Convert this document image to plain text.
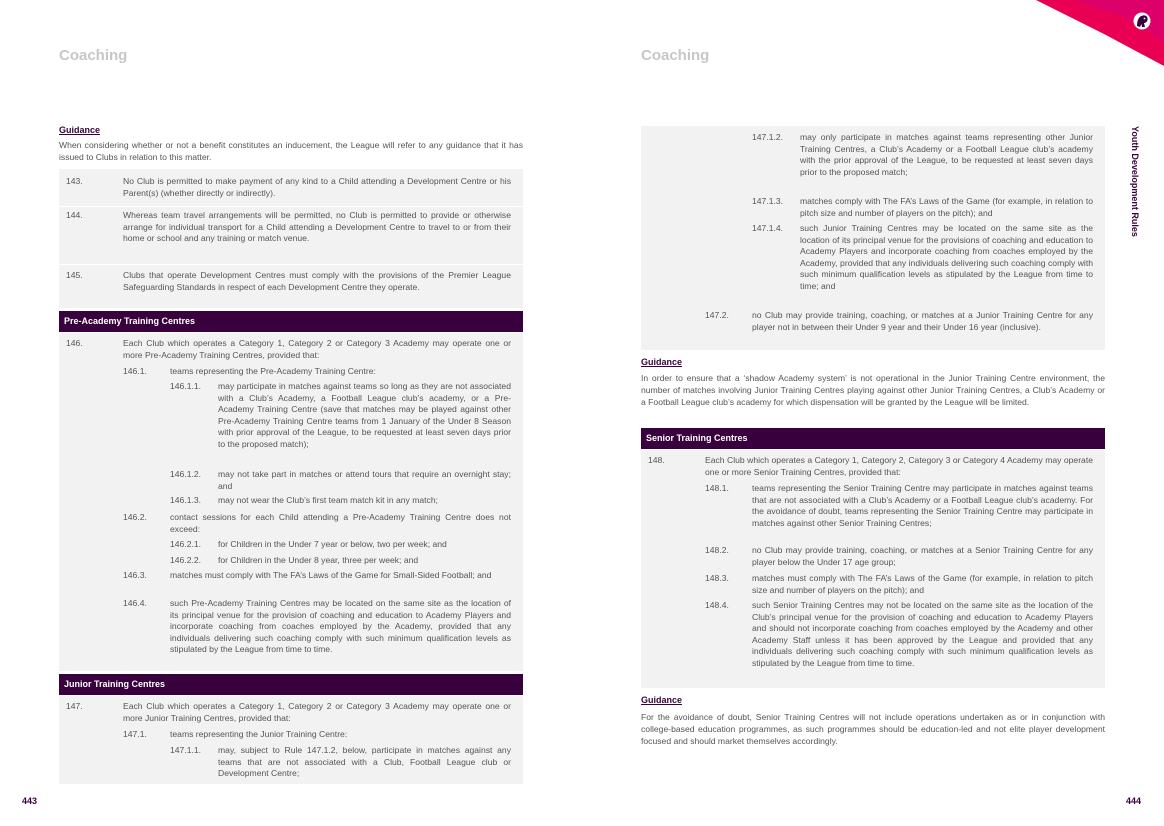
Coaching
Guidance
When considering whether or not a benefit constitutes an inducement, the League will refer to any guidance that it has issued to Clubs in relation to this matter.
143.	No Club is permitted to make payment of any kind to a Child attending a Development Centre or his Parent(s) (whether directly or indirectly).
144.	Whereas team travel arrangements will be permitted, no Club is permitted to provide or otherwise arrange for individual transport for a Child attending a Development Centre to travel to or from their home or school and any training or match venue.
145.	Clubs that operate Development Centres must comply with the provisions of the Premier League Safeguarding Standards in respect of each Development Centre they operate.
Pre-Academy Training Centres
146.	Each Club which operates a Category 1, Category 2 or Category 3 Academy may operate one or more Pre-Academy Training Centres, provided that:
146.1.	teams representing the Pre-Academy Training Centre:
146.1.1. may participate in matches against teams so long as they are not associated with a Club’s Academy, a Football League club’s academy, or a Pre-Academy Training Centre (save that matches may be played against other Pre-Academy Training Centre teams from 1 January of the Under 8 Season with prior approval of the League, to be requested at least seven days prior to the proposed match);
146.1.2. may not take part in matches or attend tours that require an overnight stay; and
146.1.3. may not wear the Club’s first team match kit in any match;
146.2.	contact sessions for each Child attending a Pre-Academy Training Centre does not exceed:
146.2.1. for Children in the Under 7 year or below, two per week; and
146.2.2. for Children in the Under 8 year, three per week; and
146.3.	matches must comply with The FA’s Laws of the Game for Small-Sided Football; and
146.4.	such Pre-Academy Training Centres may be located on the same site as the location of its principal venue for the provision of coaching and education to Academy Players and incorporate coaching from coaches employed by the Academy, provided that any individuals delivering such coaching comply with such minimum qualification levels as stipulated by the League from time to time.
Junior Training Centres
147.	Each Club which operates a Category 1, Category 2 or Category 3 Academy may operate one or more Junior Training Centres, provided that:
147.1.	teams representing the Junior Training Centre:
147.1.1. may, subject to Rule 147.1.2, below, participate in matches against any teams that are not associated with a Club, Football League club or Development Centre;
443
Coaching
147.1.2. may only participate in matches against teams representing other Junior Training Centres, a Club’s Academy or a Football League club’s academy with the prior approval of the League, to be requested at least seven days prior to the proposed match;
147.1.3. matches comply with The FA’s Laws of the Game (for example, in relation to pitch size and number of players on the pitch); and
147.1.4. such Junior Training Centres may be located on the same site as the location of its principal venue for the provisions of coaching and education to Academy Players and incorporate coaching from coaches employed by the Academy, provided that any individuals delivering such coaching comply with such minimum qualification levels as stipulated by the League from time to time; and
147.2.	no Club may provide training, coaching, or matches at a Junior Training Centre for any player not in between their Under 9 year and their Under 16 year (inclusive).
Guidance
In order to ensure that a ‘shadow Academy system’ is not operational in the Junior Training Centre environment, the number of matches involving Junior Training Centres playing against other Junior Training Centres, a Club’s Academy or a Football League club’s academy for which dispensation will be granted by the League will be limited.
Senior Training Centres
148.	Each Club which operates a Category 1, Category 2, Category 3 or Category 4 Academy may operate one or more Senior Training Centres, provided that:
148.1.	teams representing the Senior Training Centre may participate in matches against teams that are not associated with a Club’s Academy or a Football League club’s academy. For the avoidance of doubt, teams representing the Senior Training Centre may participate in matches against other Senior Training Centres;
148.2.	no Club may provide training, coaching, or matches at a Senior Training Centre for any player below the Under 17 age group;
148.3.	matches must comply with The FA’s Laws of the Game (for example, in relation to pitch size and number of players on the pitch); and
148.4.	such Senior Training Centres may not be located on the same site as the location of the Club’s principal venue for the provision of coaching and education to Academy Players and should not incorporate coaching from coaches employed by the Academy and other Academy Staff unless it has been approved by the League and provided that any individuals delivering such coaching comply with such minimum qualification levels as stipulated by the League from time to time.
Guidance
For the avoidance of doubt, Senior Training Centres will not include operations undertaken as or in conjunction with college-based education programmes, as such programmes should be education-led and not elite player development focused and should market themselves accordingly.
444
Youth Development Rules
